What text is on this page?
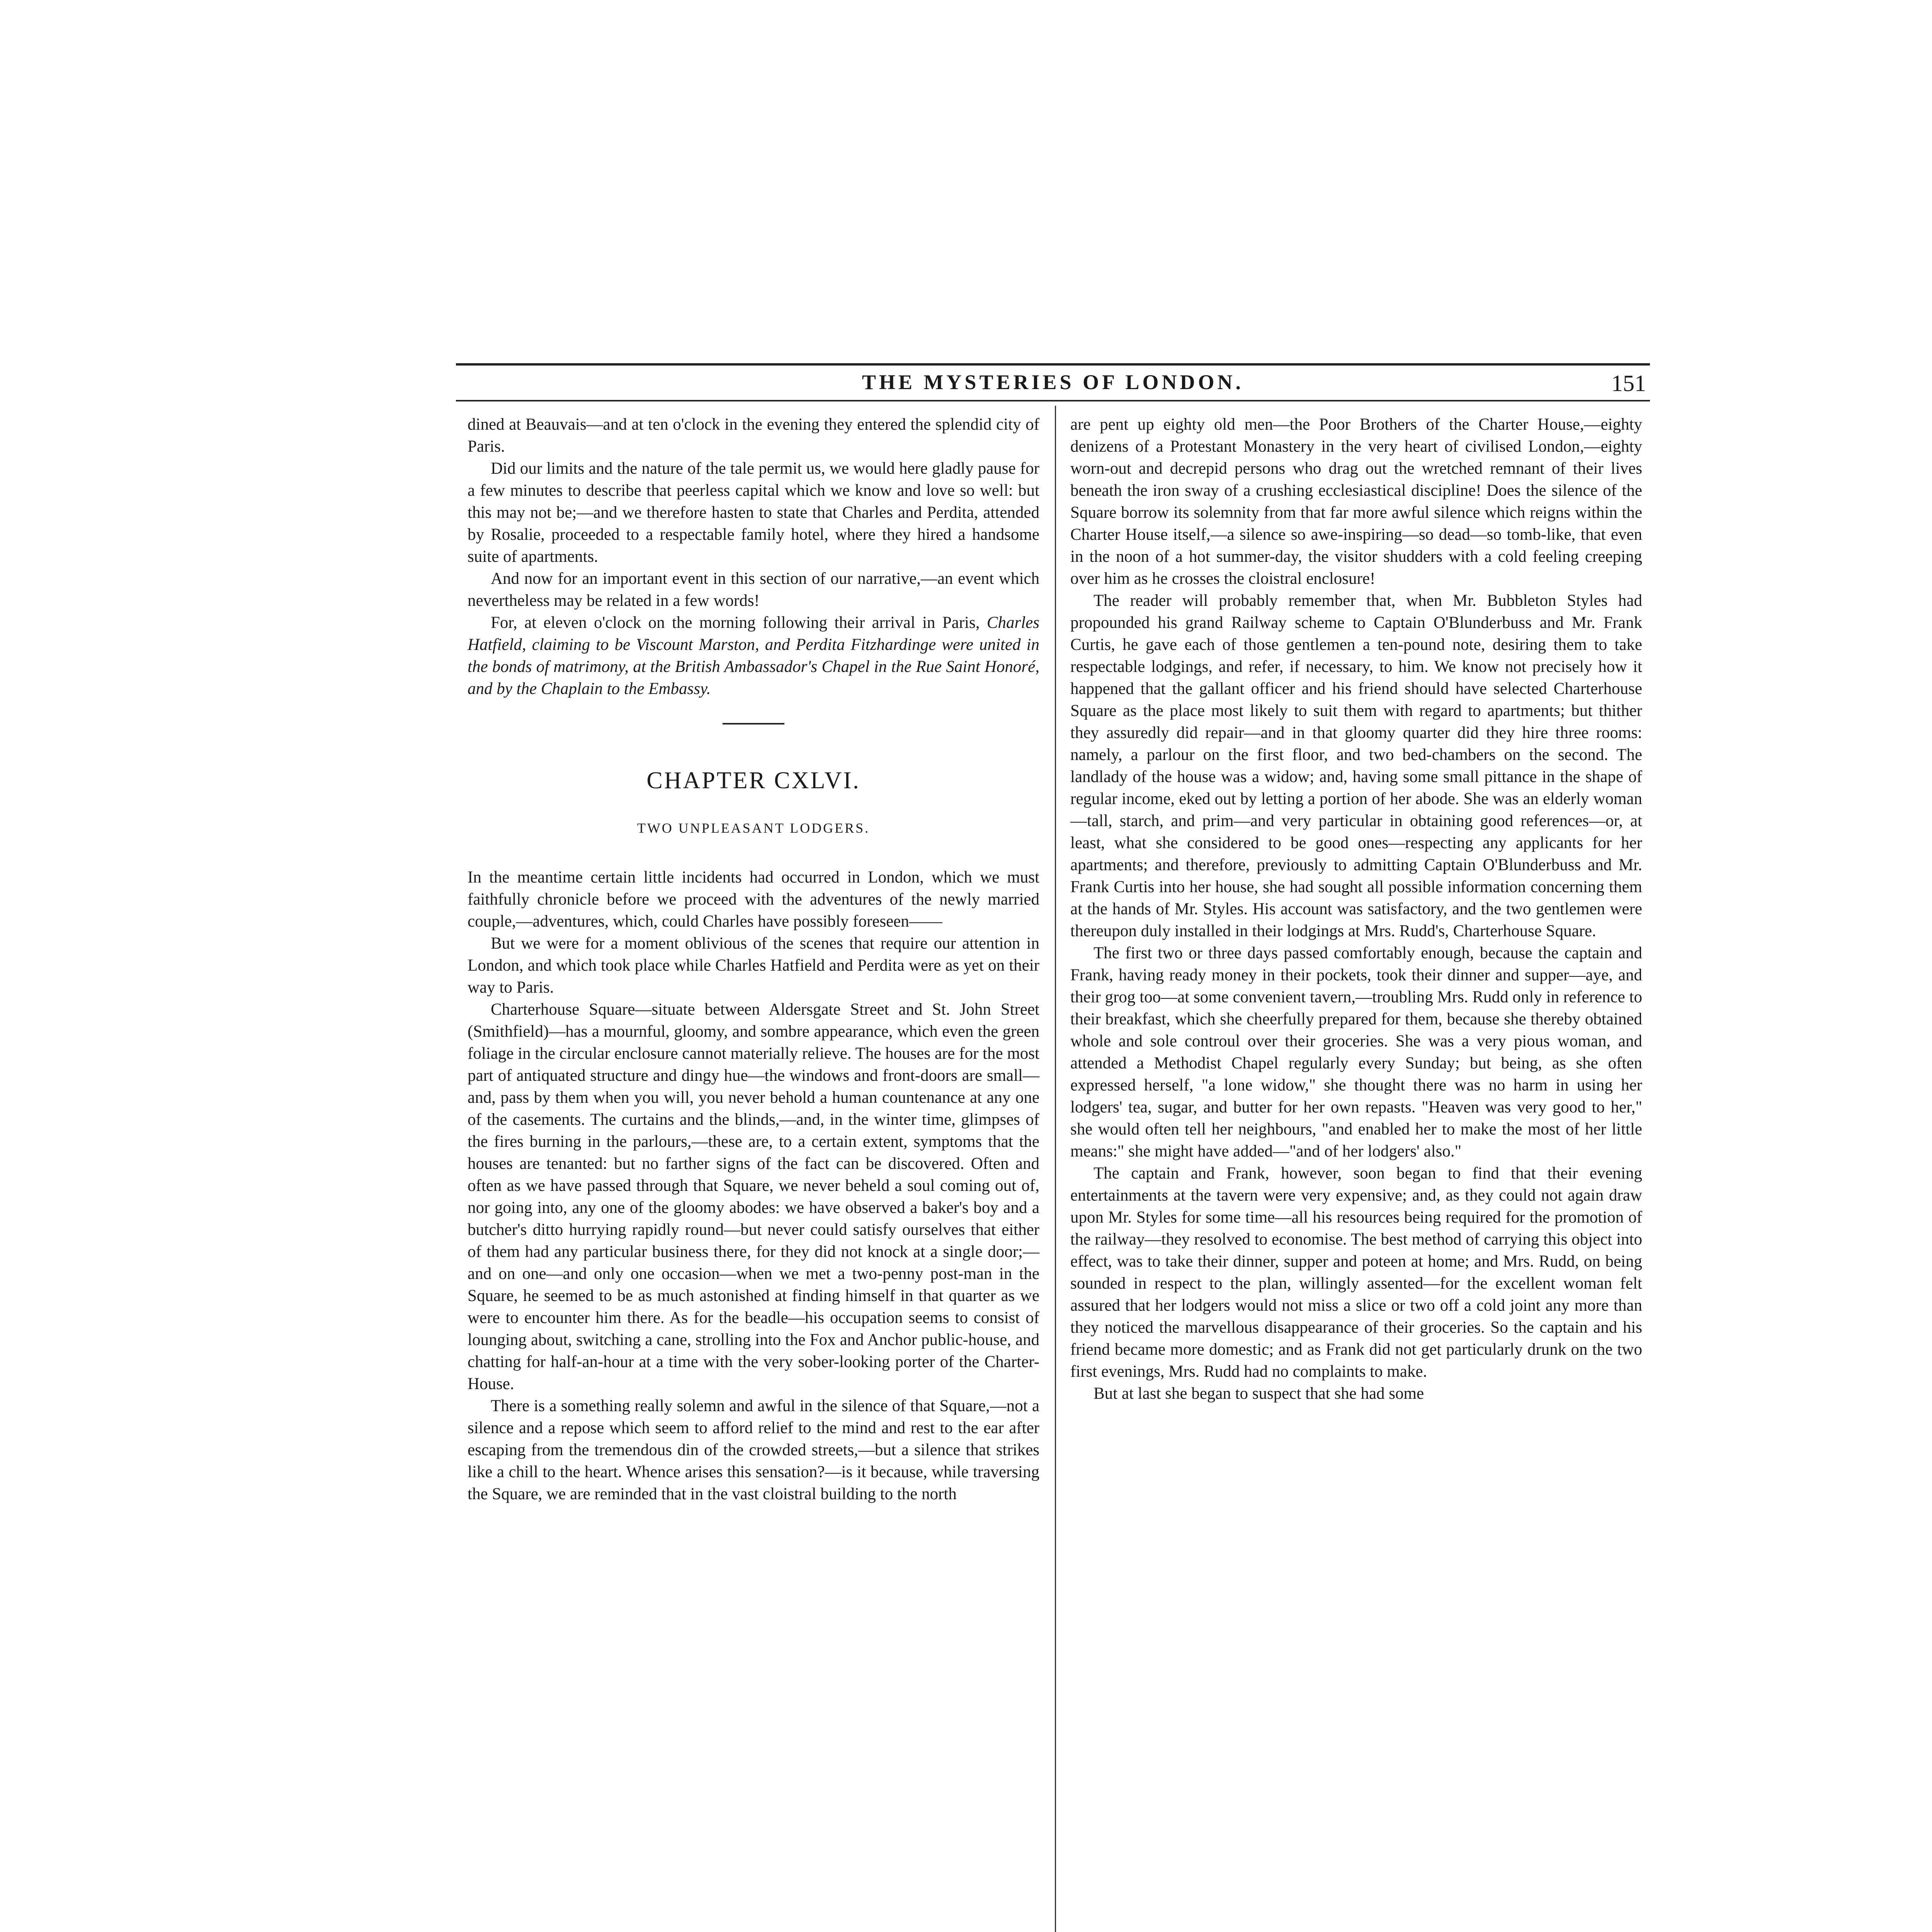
THE MYSTERIES OF LONDON.	151

dined at Beauvais—and at ten o'clock in the evening they entered the splendid city of Paris.

Did our limits and the nature of the tale permit us, we would here gladly pause for a few minutes to describe that peerless capital which we know and love so well: but this may not be;—and we therefore hasten to state that Charles and Perdita, attended by Rosalie, proceeded to a respectable family hotel, where they hired a handsome suite of apartments.

And now for an important event in this section of our narrative,—an event which nevertheless may be related in a few words!

For, at eleven o'clock on the morning following their arrival in Paris, Charles Hatfield, claiming to be Viscount Marston, and Perdita Fitzhardinge were united in the bonds of matrimony, at the British Ambassador's Chapel in the Rue Saint Honoré, and by the Chaplain to the Embassy.

CHAPTER CXLVI.
TWO UNPLEASANT LODGERS.

In the meantime certain little incidents had occurred in London, which we must faithfully chronicle before we proceed with the adventures of the newly married couple,—adventures, which, could Charles have possibly foreseen——

But we were for a moment oblivious of the scenes that require our attention in London, and which took place while Charles Hatfield and Perdita were as yet on their way to Paris.

Charterhouse Square—situate between Aldersgate Street and St. John Street (Smithfield)—has a mournful, gloomy, and sombre appearance, which even the green foliage in the circular enclosure cannot materially relieve. The houses are for the most part of antiquated structure and dingy hue—the windows and front-doors are small—and, pass by them when you will, you never behold a human countenance at any one of the casements. The curtains and the blinds,—and, in the winter time, glimpses of the fires burning in the parlours,—these are, to a certain extent, symptoms that the houses are tenanted: but no farther signs of the fact can be discovered. Often and often as we have passed through that Square, we never beheld a soul coming out of, nor going into, any one of the gloomy abodes: we have observed a baker's boy and a butcher's ditto hurrying rapidly round—but never could satisfy ourselves that either of them had any particular business there, for they did not knock at a single door;—and on one—and only one occasion—when we met a two-penny post-man in the Square, he seemed to be as much astonished at finding himself in that quarter as we were to encounter him there. As for the beadle—his occupation seems to consist of lounging about, switching a cane, strolling into the Fox and Anchor public-house, and chatting for half-an-hour at a time with the very sober-looking porter of the Charter-House.

There is a something really solemn and awful in the silence of that Square,—not a silence and a repose which seem to afford relief to the mind and rest to the ear after escaping from the tremendous din of the crowded streets,—but a silence that strikes like a chill to the heart. Whence arises this sensation?—is it because, while traversing the Square, we are reminded that in the vast cloistral building to the north

are pent up eighty old men—the Poor Brothers of the Charter House,—eighty denizens of a Protestant Monastery in the very heart of civilised London,—eighty worn-out and decrepid persons who drag out the wretched remnant of their lives beneath the iron sway of a crushing ecclesiastical discipline! Does the silence of the Square borrow its solemnity from that far more awful silence which reigns within the Charter House itself,—a silence so awe-inspiring—so dead—so tomb-like, that even in the noon of a hot summer-day, the visitor shudders with a cold feeling creeping over him as he crosses the cloistral enclosure!

The reader will probably remember that, when Mr. Bubbleton Styles had propounded his grand Railway scheme to Captain O'Blunderbuss and Mr. Frank Curtis, he gave each of those gentlemen a ten-pound note, desiring them to take respectable lodgings, and refer, if necessary, to him. We know not precisely how it happened that the gallant officer and his friend should have selected Charterhouse Square as the place most likely to suit them with regard to apartments; but thither they assuredly did repair—and in that gloomy quarter did they hire three rooms: namely, a parlour on the first floor, and two bed-chambers on the second. The landlady of the house was a widow; and, having some small pittance in the shape of regular income, eked out by letting a portion of her abode. She was an elderly woman—tall, starch, and prim—and very particular in obtaining good references—or, at least, what she considered to be good ones—respecting any applicants for her apartments; and therefore, previously to admitting Captain O'Blunderbuss and Mr. Frank Curtis into her house, she had sought all possible information concerning them at the hands of Mr. Styles. His account was satisfactory, and the two gentlemen were thereupon duly installed in their lodgings at Mrs. Rudd's, Charterhouse Square.

The first two or three days passed comfortably enough, because the captain and Frank, having ready money in their pockets, took their dinner and supper—aye, and their grog too—at some convenient tavern,—troubling Mrs. Rudd only in reference to their breakfast, which she cheerfully prepared for them, because she thereby obtained whole and sole controul over their groceries. She was a very pious woman, and attended a Methodist Chapel regularly every Sunday; but being, as she often expressed herself, "a lone widow," she thought there was no harm in using her lodgers' tea, sugar, and butter for her own repasts. "Heaven was very good to her," she would often tell her neighbours, "and enabled her to make the most of her little means:" she might have added—"and of her lodgers' also."

The captain and Frank, however, soon began to find that their evening entertainments at the tavern were very expensive; and, as they could not again draw upon Mr. Styles for some time—all his resources being required for the promotion of the railway—they resolved to economise. The best method of carrying this object into effect, was to take their dinner, supper and poteen at home; and Mrs. Rudd, on being sounded in respect to the plan, willingly assented—for the excellent woman felt assured that her lodgers would not miss a slice or two off a cold joint any more than they noticed the marvellous disappearance of their groceries. So the captain and his friend became more domestic; and as Frank did not get particularly drunk on the two first evenings, Mrs. Rudd had no complaints to make.

But at last she began to suspect that she had some
